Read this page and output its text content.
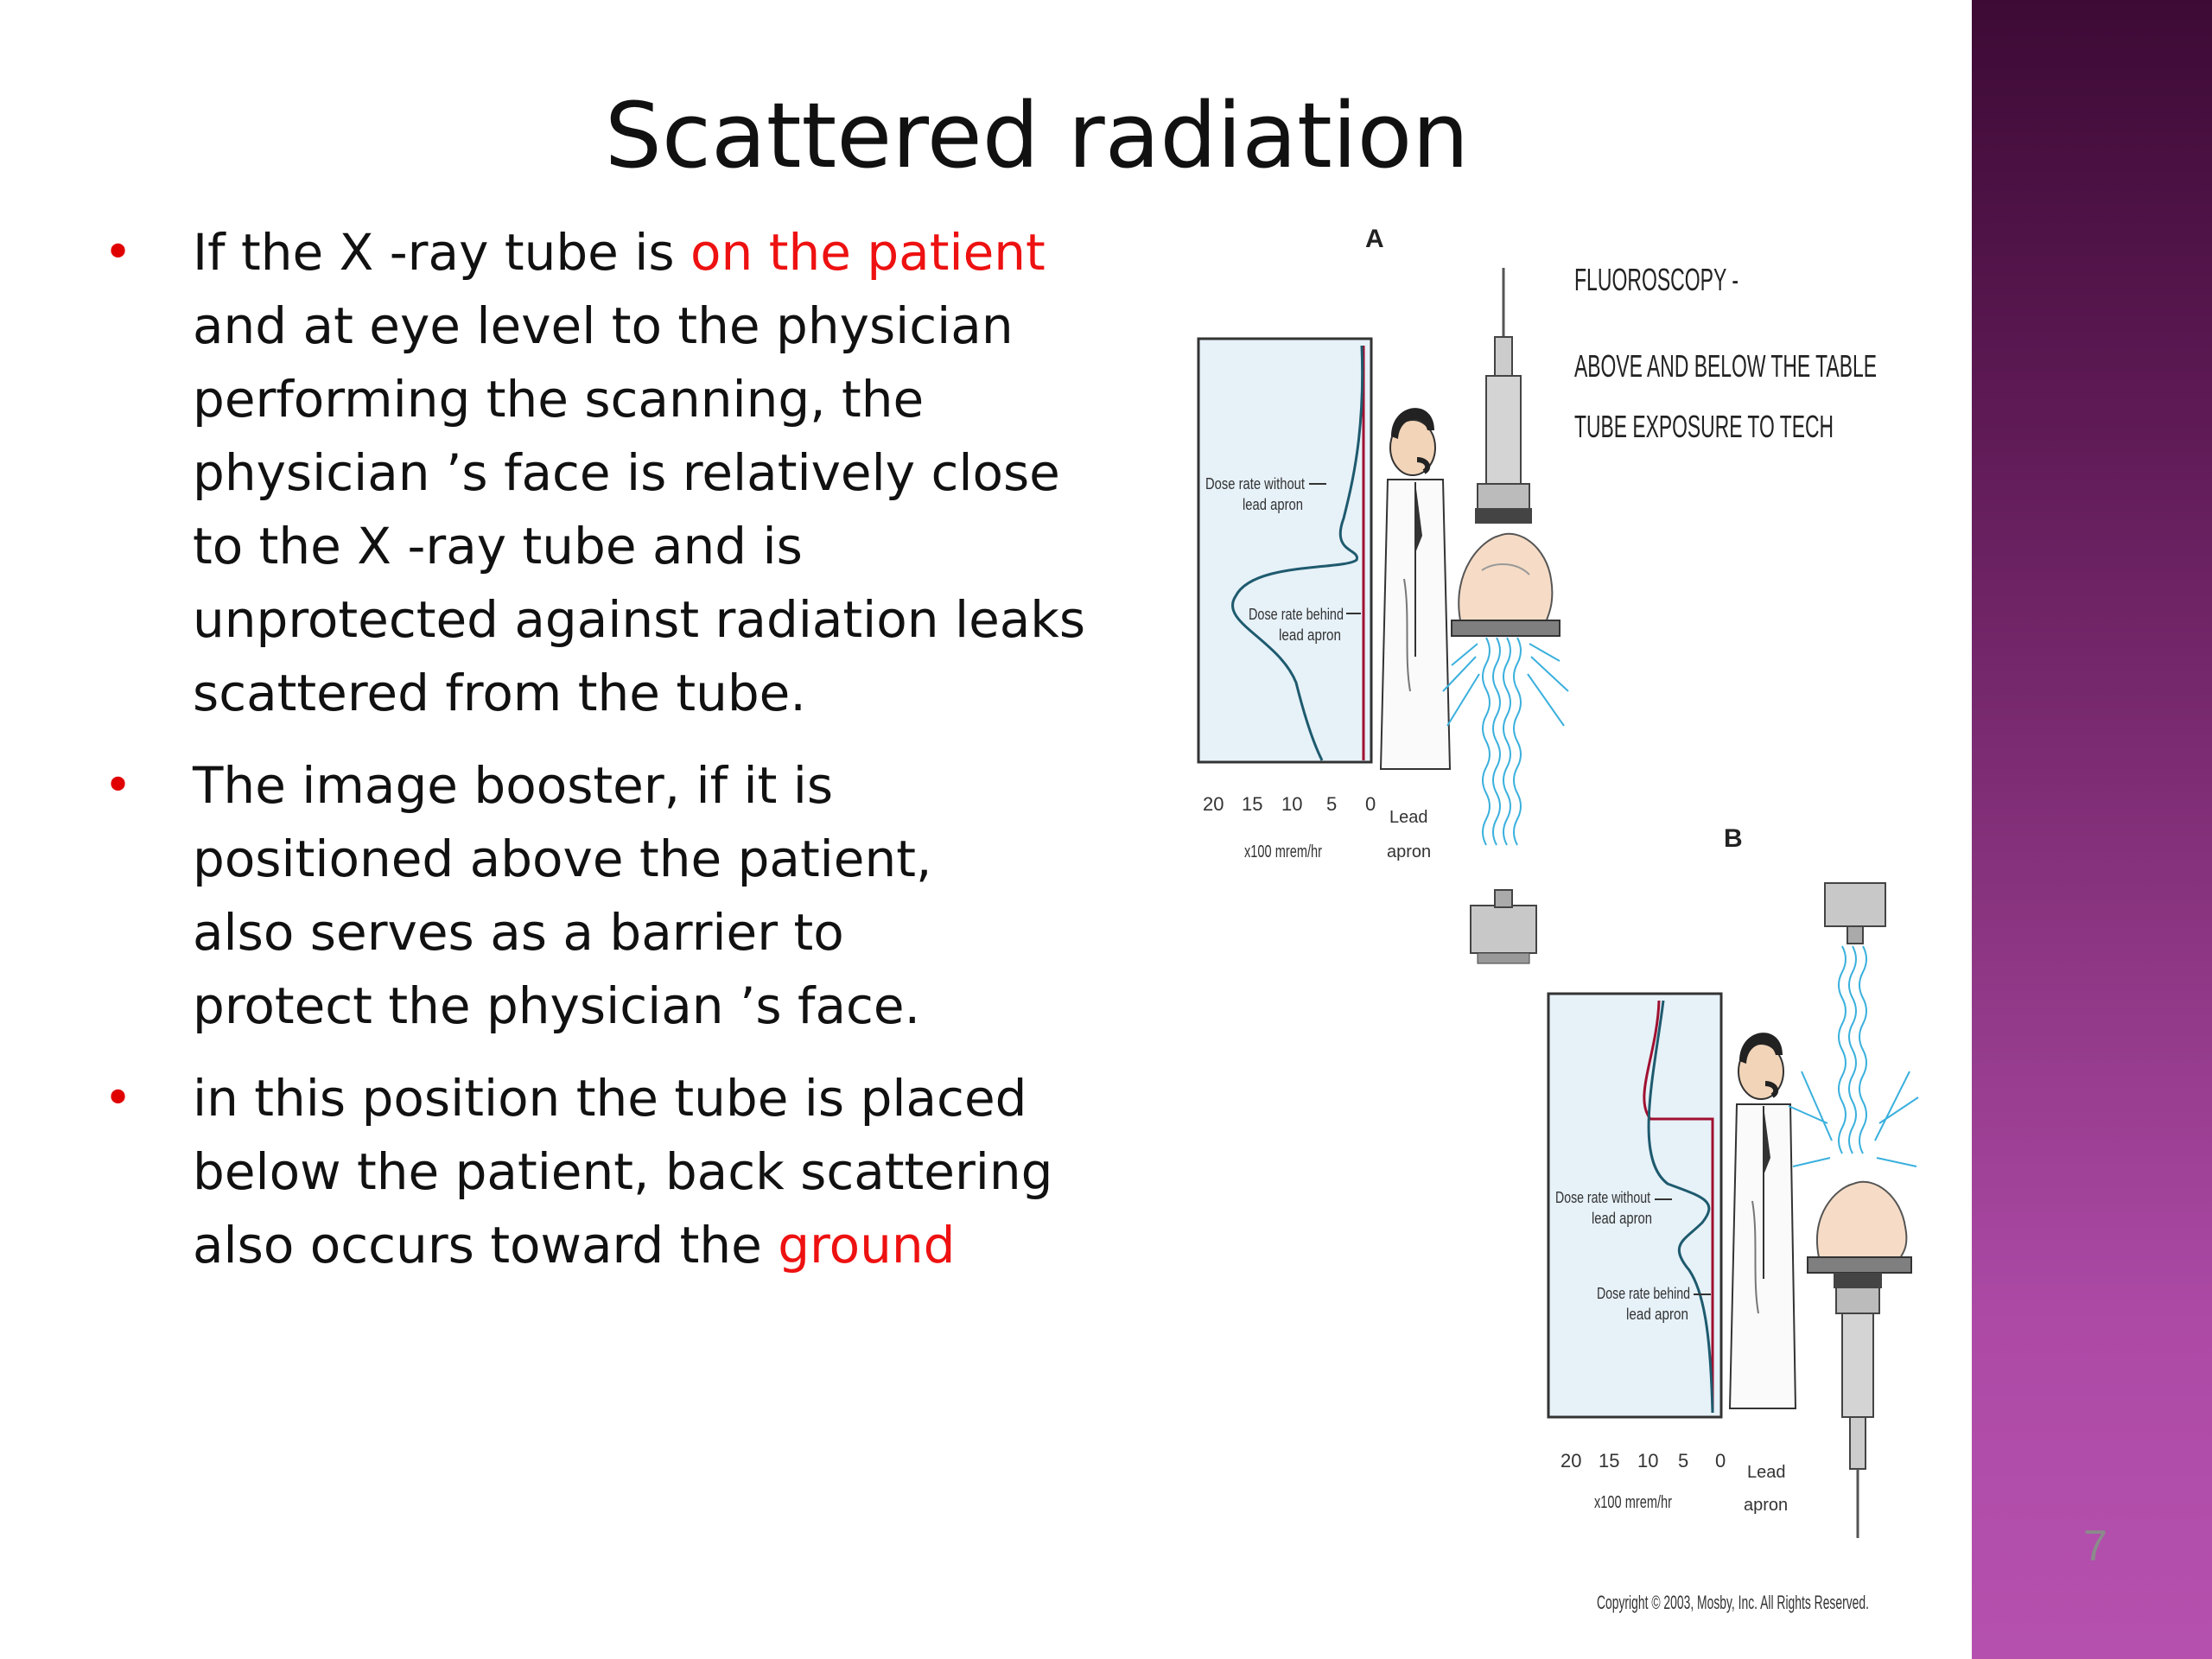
7
Scattered radiation
• If the X -ray tube is on the patient and at eye level to the physician performing the scanning, the physician ’s face is relatively close to the X -ray tube and is unprotected against radiation leaks scattered from the tube.
• The image booster, if it is positioned above the patient, also serves as a barrier to protect the physician ’s face.
• in this position the tube is placed below the patient, back scattering also occurs toward the ground
A
FLUOROSCOPY -
ABOVE AND BELOW THE TABLE
TUBE EXPOSURE TO TECH
Dose rate without
lead apron
Dose rate behind
lead apron
20 15 10 5 0
x100 mrem/hr
Lead
apron	B
Dose rate without
lead apron
Dose rate behind
lead apron
20 15 10 5 0
x100 mrem/hr
Lead
apron
Copyright © 2003, Mosby, Inc. All Rights Reserved.
